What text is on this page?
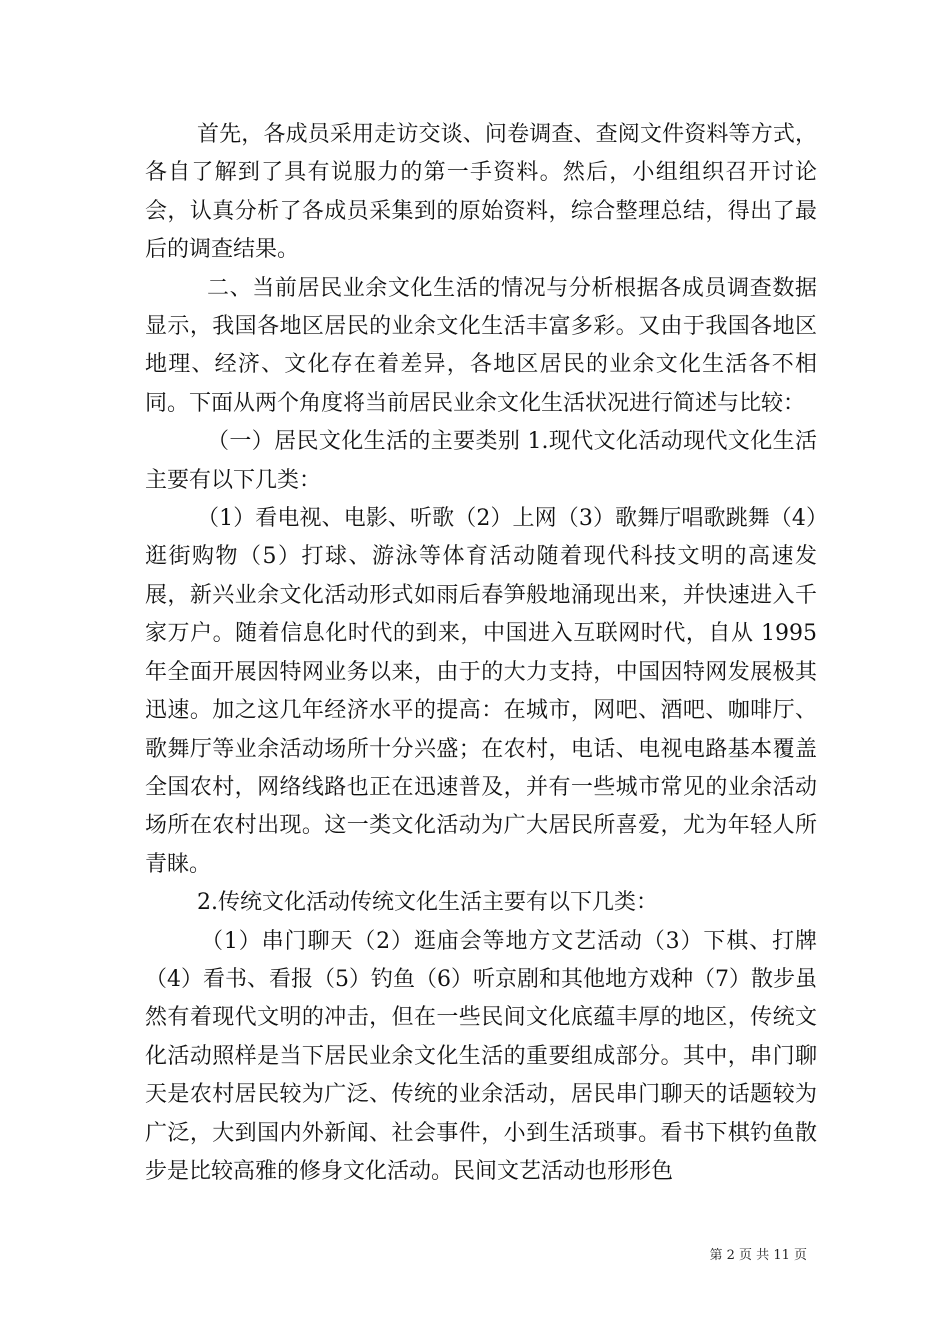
首先，各成员采用走访交谈、问卷调查、查阅文件资料等方式，各自了解到了具有说服力的第一手资料。然后，小组组织召开讨论会，认真分析了各成员采集到的原始资料，综合整理总结，得出了最后的调查结果。

二、当前居民业余文化生活的情况与分析根据各成员调查数据显示，我国各地区居民的业余文化生活丰富多彩。又由于我国各地区地理、经济、文化存在着差异，各地区居民的业余文化生活各不相同。下面从两个角度将当前居民业余文化生活状况进行简述与比较：

（一）居民文化生活的主要类别 1.现代文化活动现代文化生活主要有以下几类：

（1）看电视、电影、听歌（2）上网（3）歌舞厅唱歌跳舞（4）逛街购物（5）打球、游泳等体育活动随着现代科技文明的高速发展，新兴业余文化活动形式如雨后春笋般地涌现出来，并快速进入千家万户。随着信息化时代的到来，中国进入互联网时代，自从 1995 年全面开展因特网业务以来，由于的大力支持，中国因特网发展极其迅速。加之这几年经济水平的提高：在城市，网吧、酒吧、咖啡厅、歌舞厅等业余活动场所十分兴盛；在农村，电话、电视电路基本覆盖全国农村，网络线路也正在迅速普及，并有一些城市常见的业余活动场所在农村出现。这一类文化活动为广大居民所喜爱，尤为年轻人所青睐。

2.传统文化活动传统文化生活主要有以下几类：

（1）串门聊天（2）逛庙会等地方文艺活动（3）下棋、打牌（4）看书、看报（5）钓鱼（6）听京剧和其他地方戏种（7）散步虽然有着现代文明的冲击，但在一些民间文化底蕴丰厚的地区，传统文化活动照样是当下居民业余文化生活的重要组成部分。其中，串门聊天是农村居民较为广泛、传统的业余活动，居民串门聊天的话题较为广泛，大到国内外新闻、社会事件，小到生活琐事。看书下棋钓鱼散步是比较高雅的修身文化活动。民间文艺活动也形形色

第 2 页 共 11 页
